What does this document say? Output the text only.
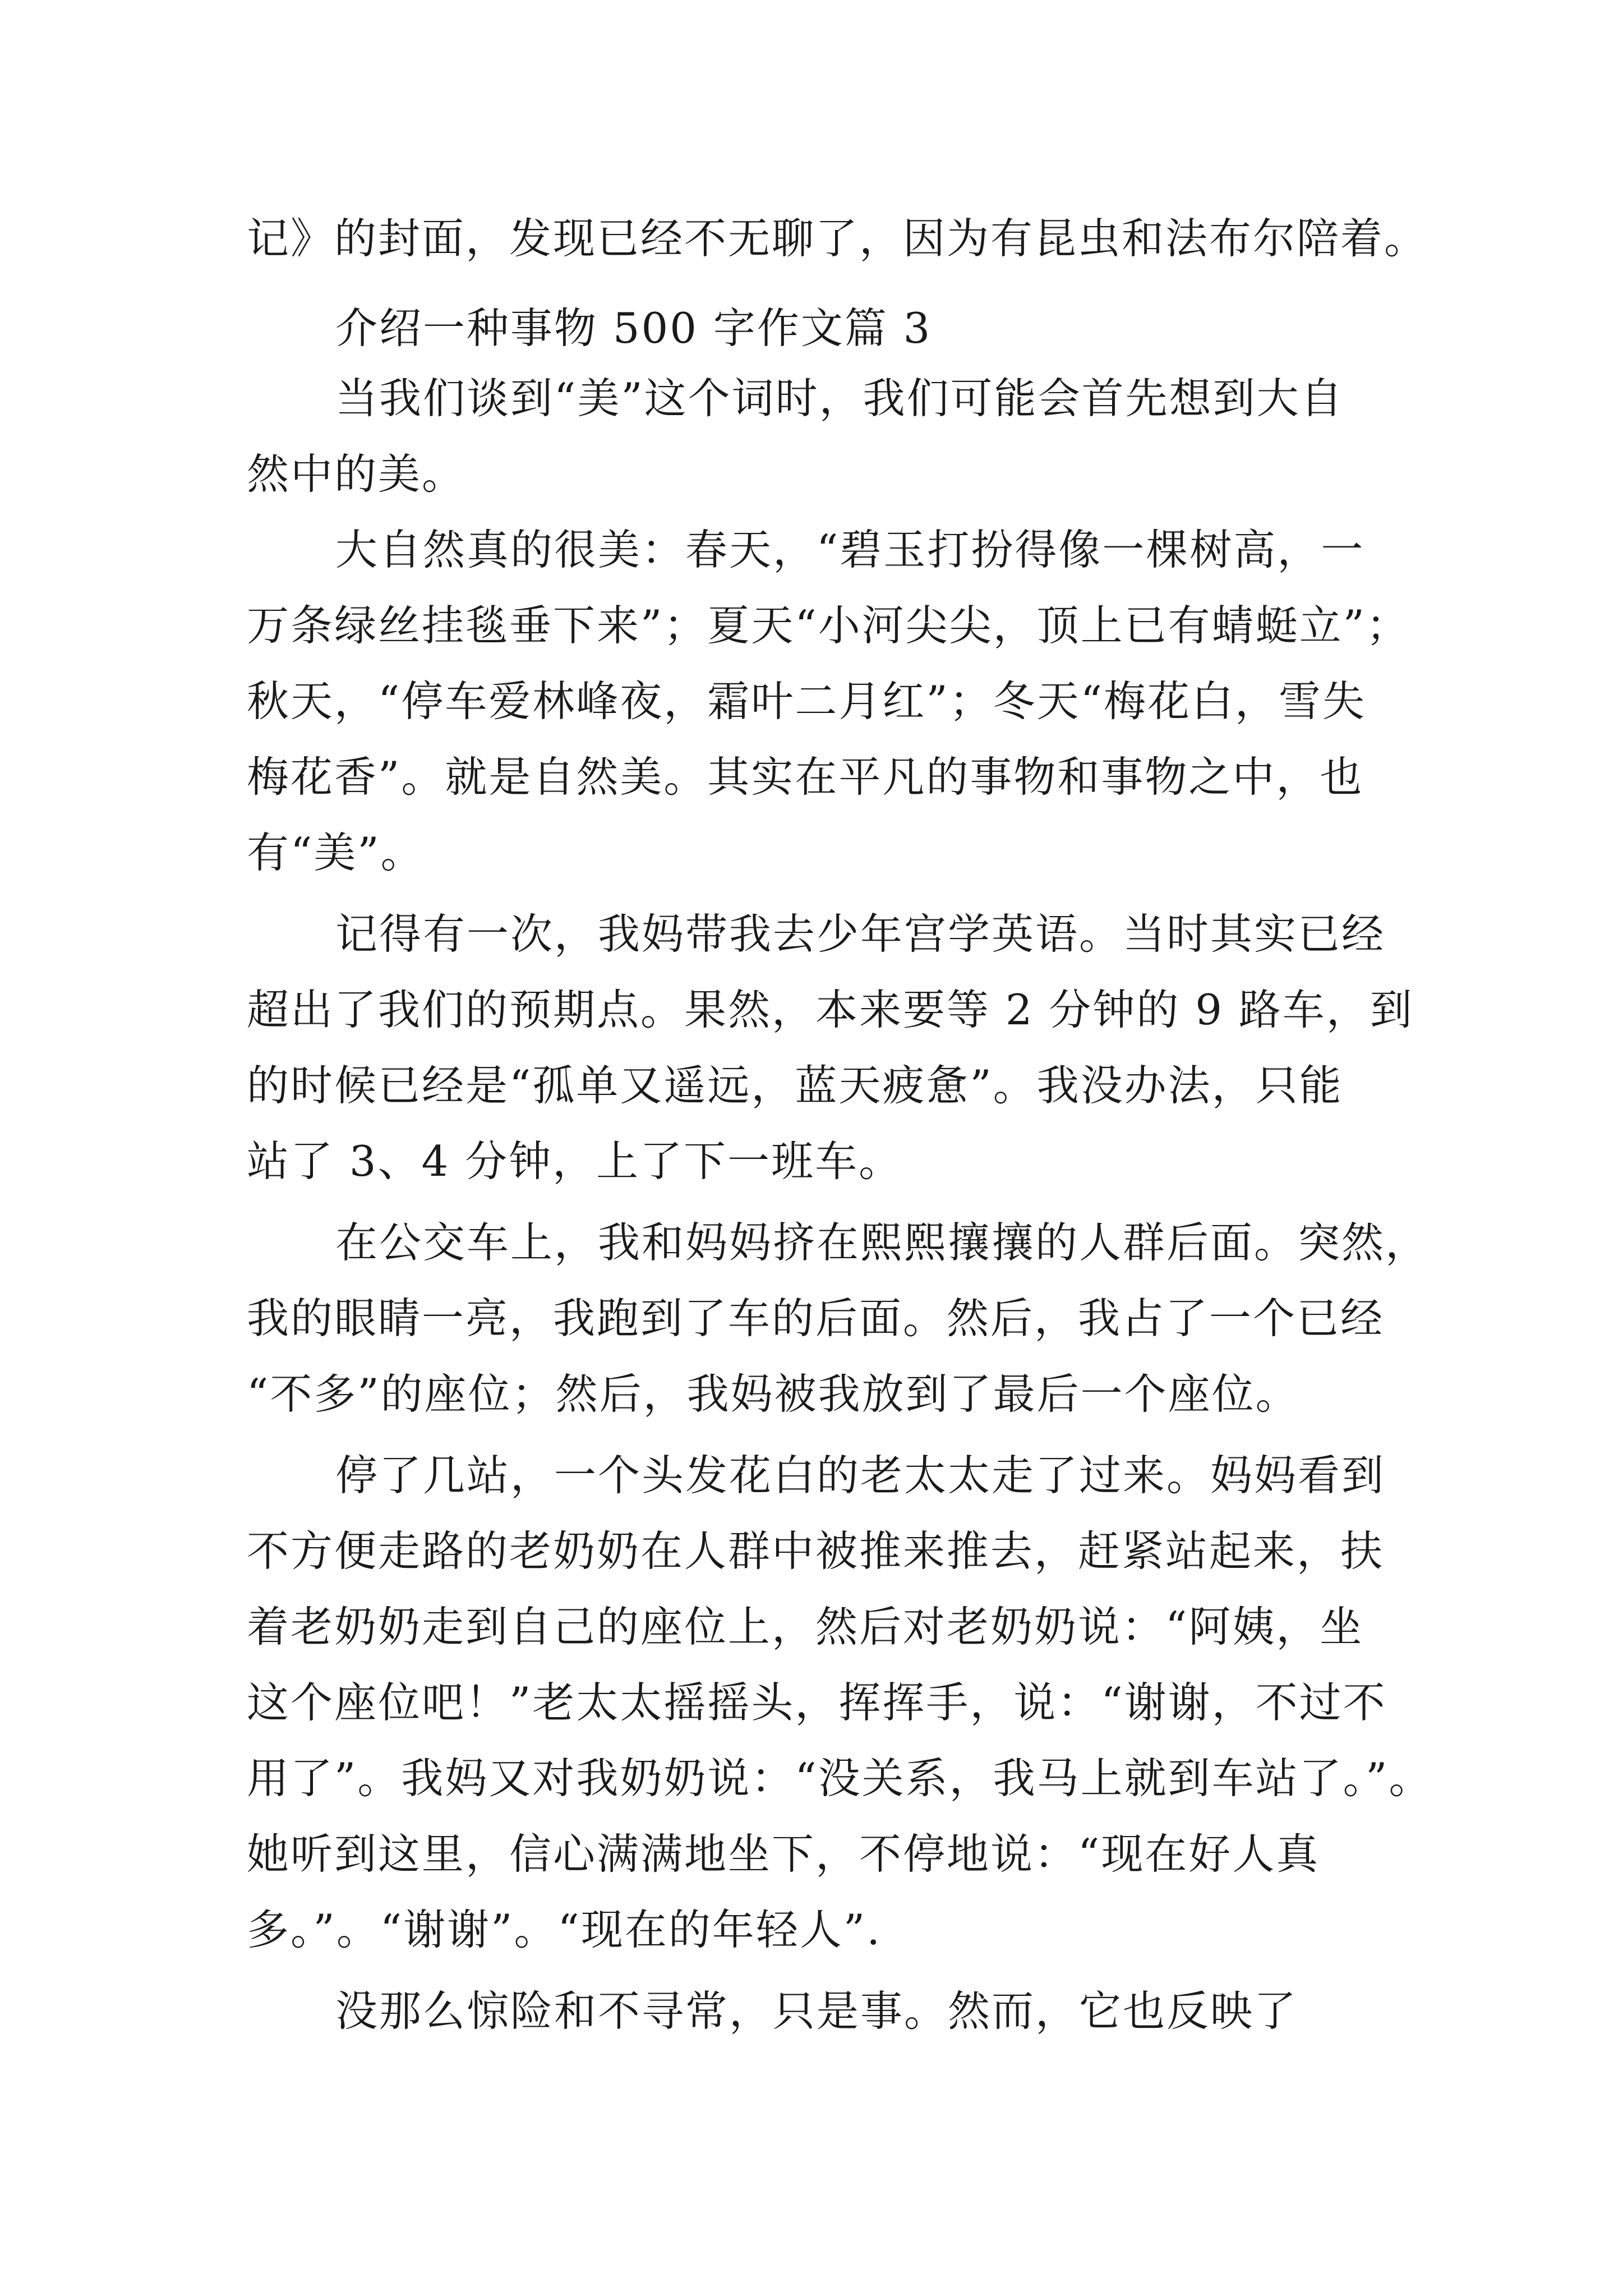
记》的封面，发现已经不无聊了，因为有昆虫和法布尔陪着。
介绍一种事物 500 字作文篇 3
当我们谈到“美”这个词时，我们可能会首先想到大自
然中的美。
大自然真的很美：春天，“碧玉打扮得像一棵树高，一
万条绿丝挂毯垂下来”；夏天“小河尖尖，顶上已有蜻蜓立”；
秋天，“停车爱林峰夜，霜叶二月红”；冬天“梅花白，雪失
梅花香”。就是自然美。其实在平凡的事物和事物之中，也
有“美”。
记得有一次，我妈带我去少年宫学英语。当时其实已经
超出了我们的预期点。果然，本来要等 2 分钟的 9 路车，到
的时候已经是“孤单又遥远，蓝天疲惫”。我没办法，只能
站了 3、4 分钟，上了下一班车。
在公交车上，我和妈妈挤在熙熙攘攘的人群后面。突然，
我的眼睛一亮，我跑到了车的后面。然后，我占了一个已经
“不多”的座位；然后，我妈被我放到了最后一个座位。
停了几站，一个头发花白的老太太走了过来。妈妈看到
不方便走路的老奶奶在人群中被推来推去，赶紧站起来，扶
着老奶奶走到自己的座位上，然后对老奶奶说：“阿姨，坐
这个座位吧！”老太太摇摇头，挥挥手，说：“谢谢，不过不
用了”。我妈又对我奶奶说：“没关系，我马上就到车站了。”。
她听到这里，信心满满地坐下，不停地说：“现在好人真
多。”。“谢谢”。“现在的年轻人”.
没那么惊险和不寻常，只是事。然而，它也反映了
